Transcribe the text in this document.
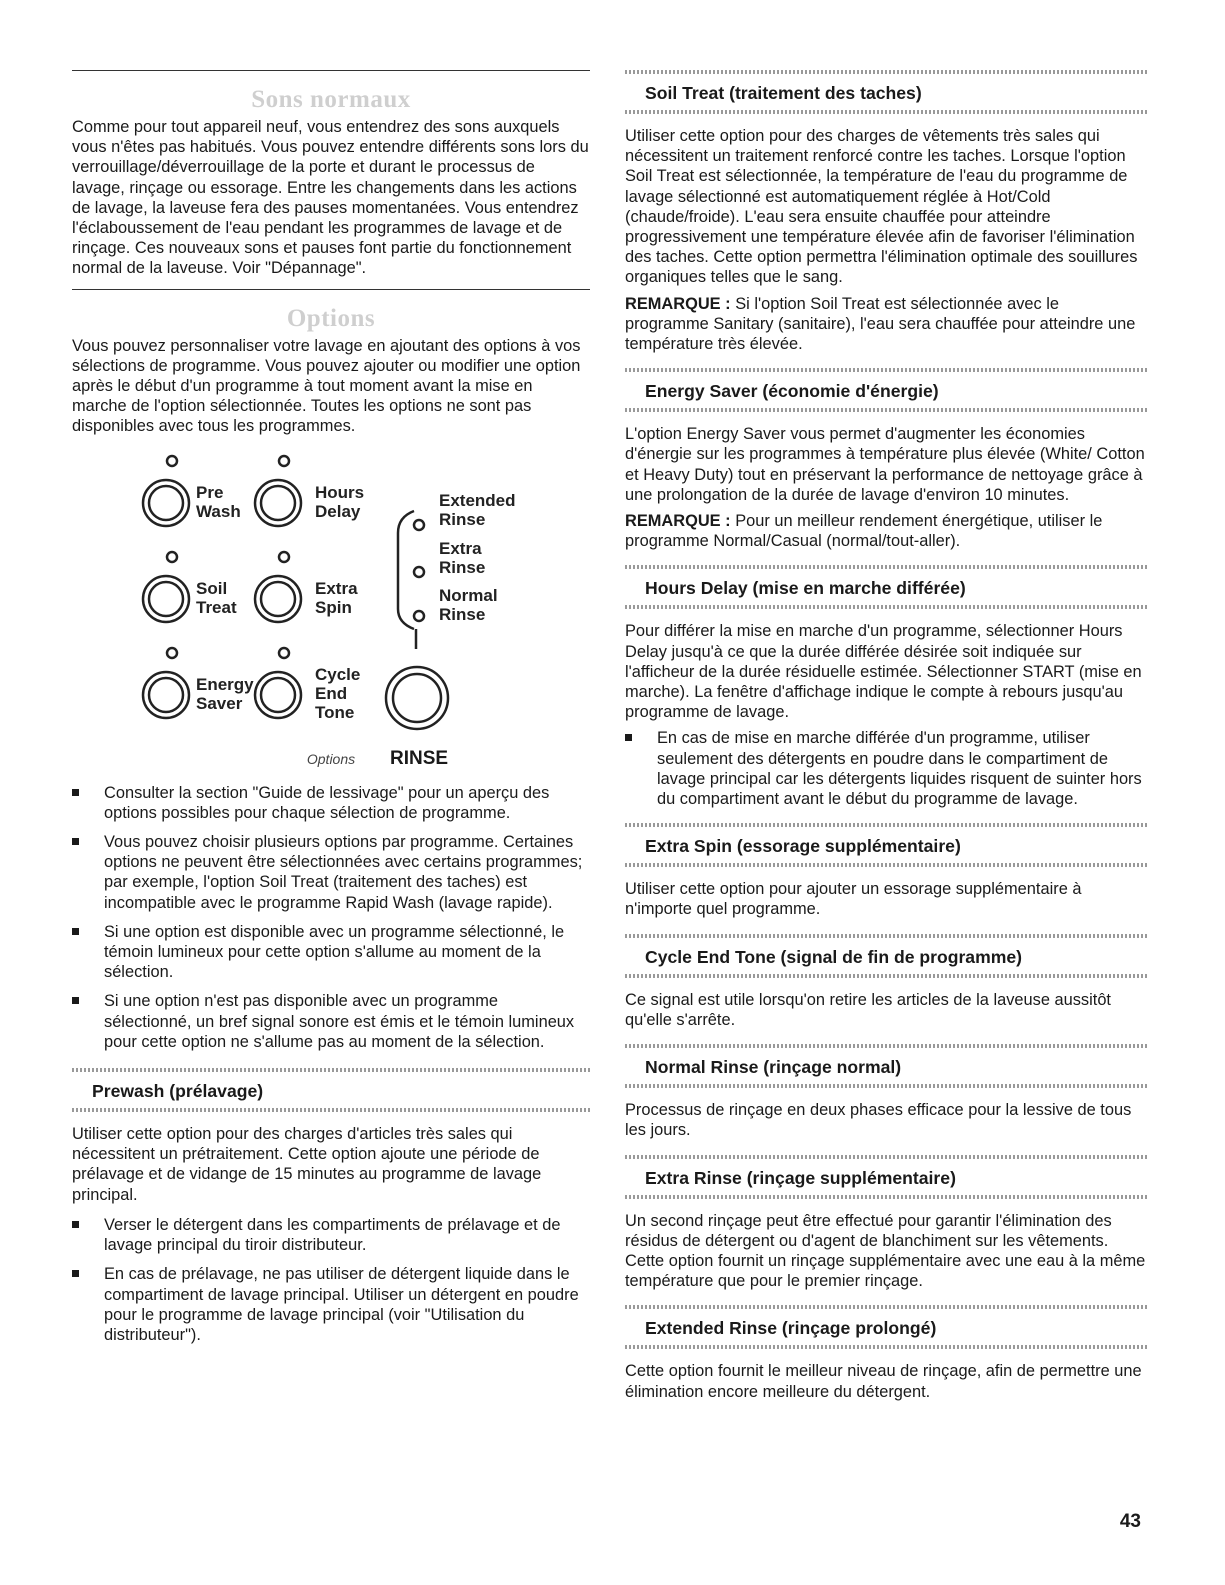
Sons normaux

Comme pour tout appareil neuf, vous entendrez des sons auxquels vous n'êtes pas habitués. Vous pouvez entendre différents sons lors du verrouillage/déverrouillage de la porte et durant le processus de lavage, rinçage ou essorage. Entre les changements dans les actions de lavage, la laveuse fera des pauses momentanées. Vous entendrez l'éclaboussement de l'eau pendant les programmes de lavage et de rinçage. Ces nouveaux sons et pauses font partie du fonctionnement normal de la laveuse. Voir "Dépannage".

Options

Vous pouvez personnaliser votre lavage en ajoutant des options à vos sélections de programme. Vous pouvez ajouter ou modifier une option après le début d'un programme à tout moment avant la mise en marche de l'option sélectionnée. Toutes les options ne sont pas disponibles avec tous les programmes.

Pre
Wash
Hours
Delay
Soil
Treat
Extra
Spin
Energy
Saver
Cycle
End
Tone
Extended
Rinse
Extra
Rinse
Normal
Rinse
RINSE
Options
Consulter la section "Guide de lessivage" pour un aperçu des options possibles pour chaque sélection de programme.
Vous pouvez choisir plusieurs options par programme. Certaines options ne peuvent être sélectionnées avec certains programmes; par exemple, l'option Soil Treat (traitement des taches) est incompatible avec le programme Rapid Wash (lavage rapide).
Si une option est disponible avec un programme sélectionné, le témoin lumineux pour cette option s'allume au moment de la sélection.
Si une option n'est pas disponible avec un programme sélectionné, un bref signal sonore est émis et le témoin lumineux pour cette option ne s'allume pas au moment de la sélection.
Prewash (prélavage)

Utiliser cette option pour des charges d'articles très sales qui nécessitent un prétraitement. Cette option ajoute une période de prélavage et de vidange de 15 minutes au programme de lavage principal.

Verser le détergent dans les compartiments de prélavage et de lavage principal du tiroir distributeur.
En cas de prélavage, ne pas utiliser de détergent liquide dans le compartiment de lavage principal. Utiliser un détergent en poudre pour le programme de lavage principal (voir "Utilisation du distributeur").
Soil Treat (traitement des taches)

Utiliser cette option pour des charges de vêtements très sales qui nécessitent un traitement renforcé contre les taches. Lorsque l'option Soil Treat est sélectionnée, la température de l'eau du programme de lavage sélectionné est automatiquement réglée à Hot/Cold (chaude/froide). L'eau sera ensuite chauffée pour atteindre progressivement une température élevée afin de favoriser l'élimination des taches. Cette option permettra l'élimination optimale des souillures organiques telles que le sang.

REMARQUE : Si l'option Soil Treat est sélectionnée avec le programme Sanitary (sanitaire), l'eau sera chauffée pour atteindre une température très élevée.

Energy Saver (économie d'énergie)

L'option Energy Saver vous permet d'augmenter les économies d'énergie sur les programmes à température plus élevée (White/ Cotton et Heavy Duty) tout en préservant la performance de nettoyage grâce à une prolongation de la durée de lavage d'environ 10 minutes.

REMARQUE : Pour un meilleur rendement énergétique, utiliser le programme Normal/Casual (normal/tout-aller).

Hours Delay (mise en marche différée)

Pour différer la mise en marche d'un programme, sélectionner Hours Delay jusqu'à ce que la durée différée désirée soit indiquée sur l'afficheur de la durée résiduelle estimée. Sélectionner START (mise en marche). La fenêtre d'affichage indique le compte à rebours jusqu'au programme de lavage.

En cas de mise en marche différée d'un programme, utiliser seulement des détergents en poudre dans le compartiment de lavage principal car les détergents liquides risquent de suinter hors du compartiment avant le début du programme de lavage.
Extra Spin (essorage supplémentaire)

Utiliser cette option pour ajouter un essorage supplémentaire à n'importe quel programme.

Cycle End Tone (signal de fin de programme)

Ce signal est utile lorsqu'on retire les articles de la laveuse aussitôt qu'elle s'arrête.

Normal Rinse (rinçage normal)

Processus de rinçage en deux phases efficace pour la lessive de tous les jours.

Extra Rinse (rinçage supplémentaire)

Un second rinçage peut être effectué pour garantir l'élimination des résidus de détergent ou d'agent de blanchiment sur les vêtements. Cette option fournit un rinçage supplémentaire avec une eau à la même température que pour le premier rinçage.

Extended Rinse (rinçage prolongé)

Cette option fournit le meilleur niveau de rinçage, afin de permettre une élimination encore meilleure du détergent.

43
